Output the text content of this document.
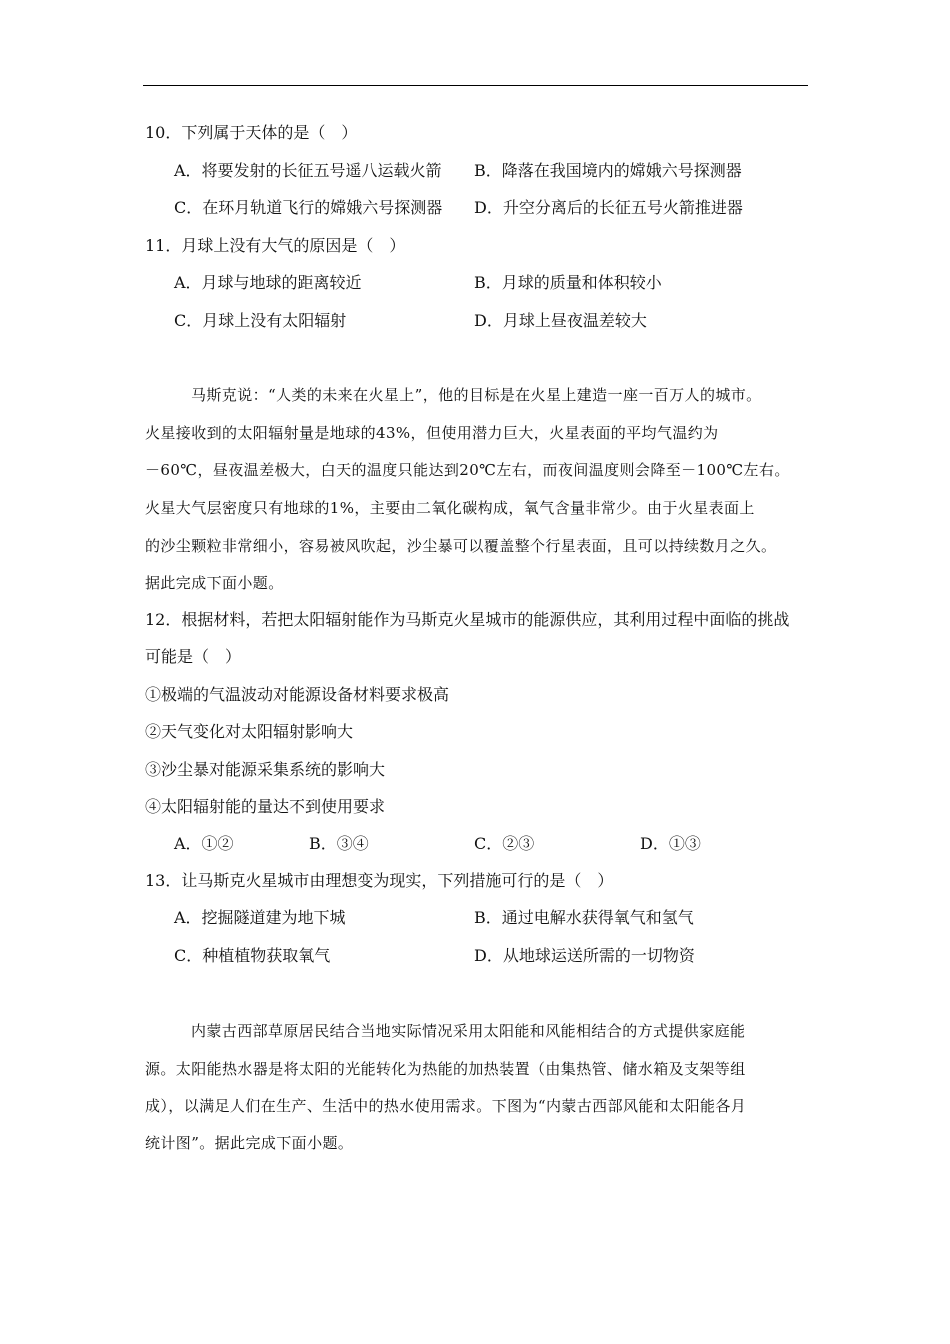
10．下列属于天体的是（　）
A．将要发射的长征五号遥八运载火箭 B．降落在我国境内的嫦娥六号探测器
C．在环月轨道飞行的嫦娥六号探测器 D．升空分离后的长征五号火箭推进器
11．月球上没有大气的原因是（　）
A．月球与地球的距离较近	B．月球的质量和体积较小
C．月球上没有太阳辐射	D．月球上昼夜温差较大
马斯克说：“人类的未来在火星上”，他的目标是在火星上建造一座一百万人的城市。
火星接收到的太阳辐射量是地球的43%，但使用潜力巨大，火星表面的平均气温约为
－60℃，昼夜温差极大，白天的温度只能达到20℃左右，而夜间温度则会降至－100℃左右。
火星大气层密度只有地球的1%，主要由二氧化碳构成，氧气含量非常少。由于火星表面上
的沙尘颗粒非常细小，容易被风吹起，沙尘暴可以覆盖整个行星表面，且可以持续数月之久。
据此完成下面小题。
12．根据材料，若把太阳辐射能作为马斯克火星城市的能源供应，其利用过程中面临的挑战
可能是（　）
①极端的气温波动对能源设备材料要求极高
②天气变化对太阳辐射影响大
③沙尘暴对能源采集系统的影响大
④太阳辐射能的量达不到使用要求
A．①②	B．③④	C．②③	D．①③
13．让马斯克火星城市由理想变为现实，下列措施可行的是（　）
A．挖掘隧道建为地下城	B．通过电解水获得氧气和氢气
C．种植植物获取氧气	D．从地球运送所需的一切物资
内蒙古西部草原居民结合当地实际情况采用太阳能和风能相结合的方式提供家庭能
源。太阳能热水器是将太阳的光能转化为热能的加热装置（由集热管、储水箱及支架等组
成），以满足人们在生产、生活中的热水使用需求。下图为“内蒙古西部风能和太阳能各月
统计图”。据此完成下面小题。
